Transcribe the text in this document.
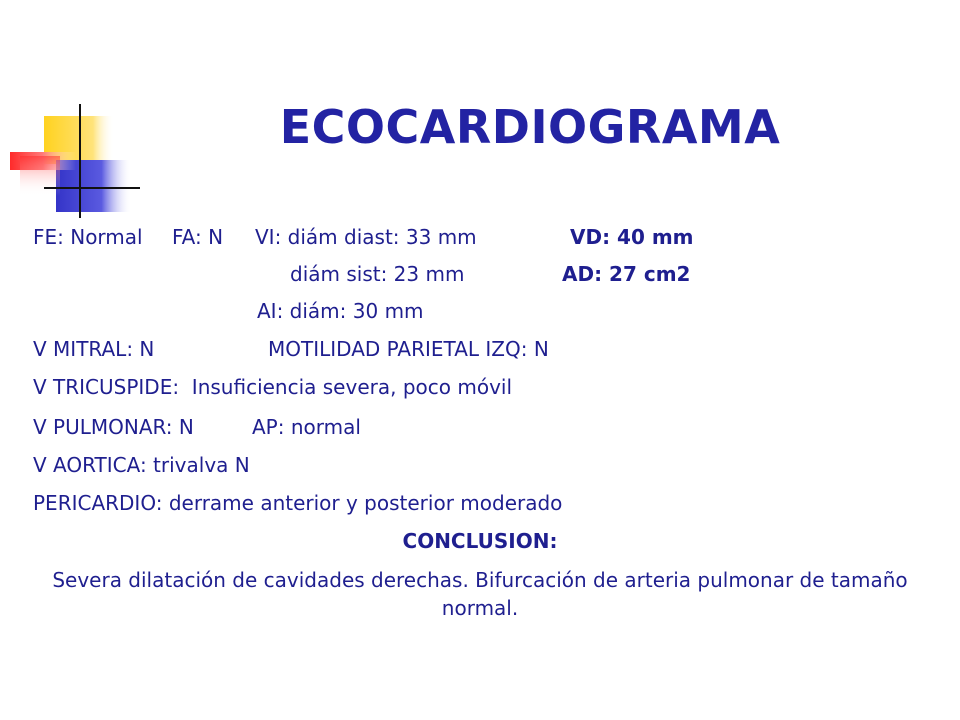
ECOCARDIOGRAMA
FE: Normal FA: N VI: diám diast: 33 mm	VD: 40 mm
diám sist: 23 mm	AD: 27 cm2
AI: diám: 30 mm
V MITRAL: N	MOTILIDAD PARIETAL IZQ: N
V TRICUSPIDE:  Insuficiencia severa, poco móvil
V PULMONAR: N	AP: normal
V AORTICA: trivalva N
PERICARDIO: derrame anterior y posterior moderado
CONCLUSION:
Severa dilatación de cavidades derechas. Bifurcación de arteria pulmonar de tamaño normal.
